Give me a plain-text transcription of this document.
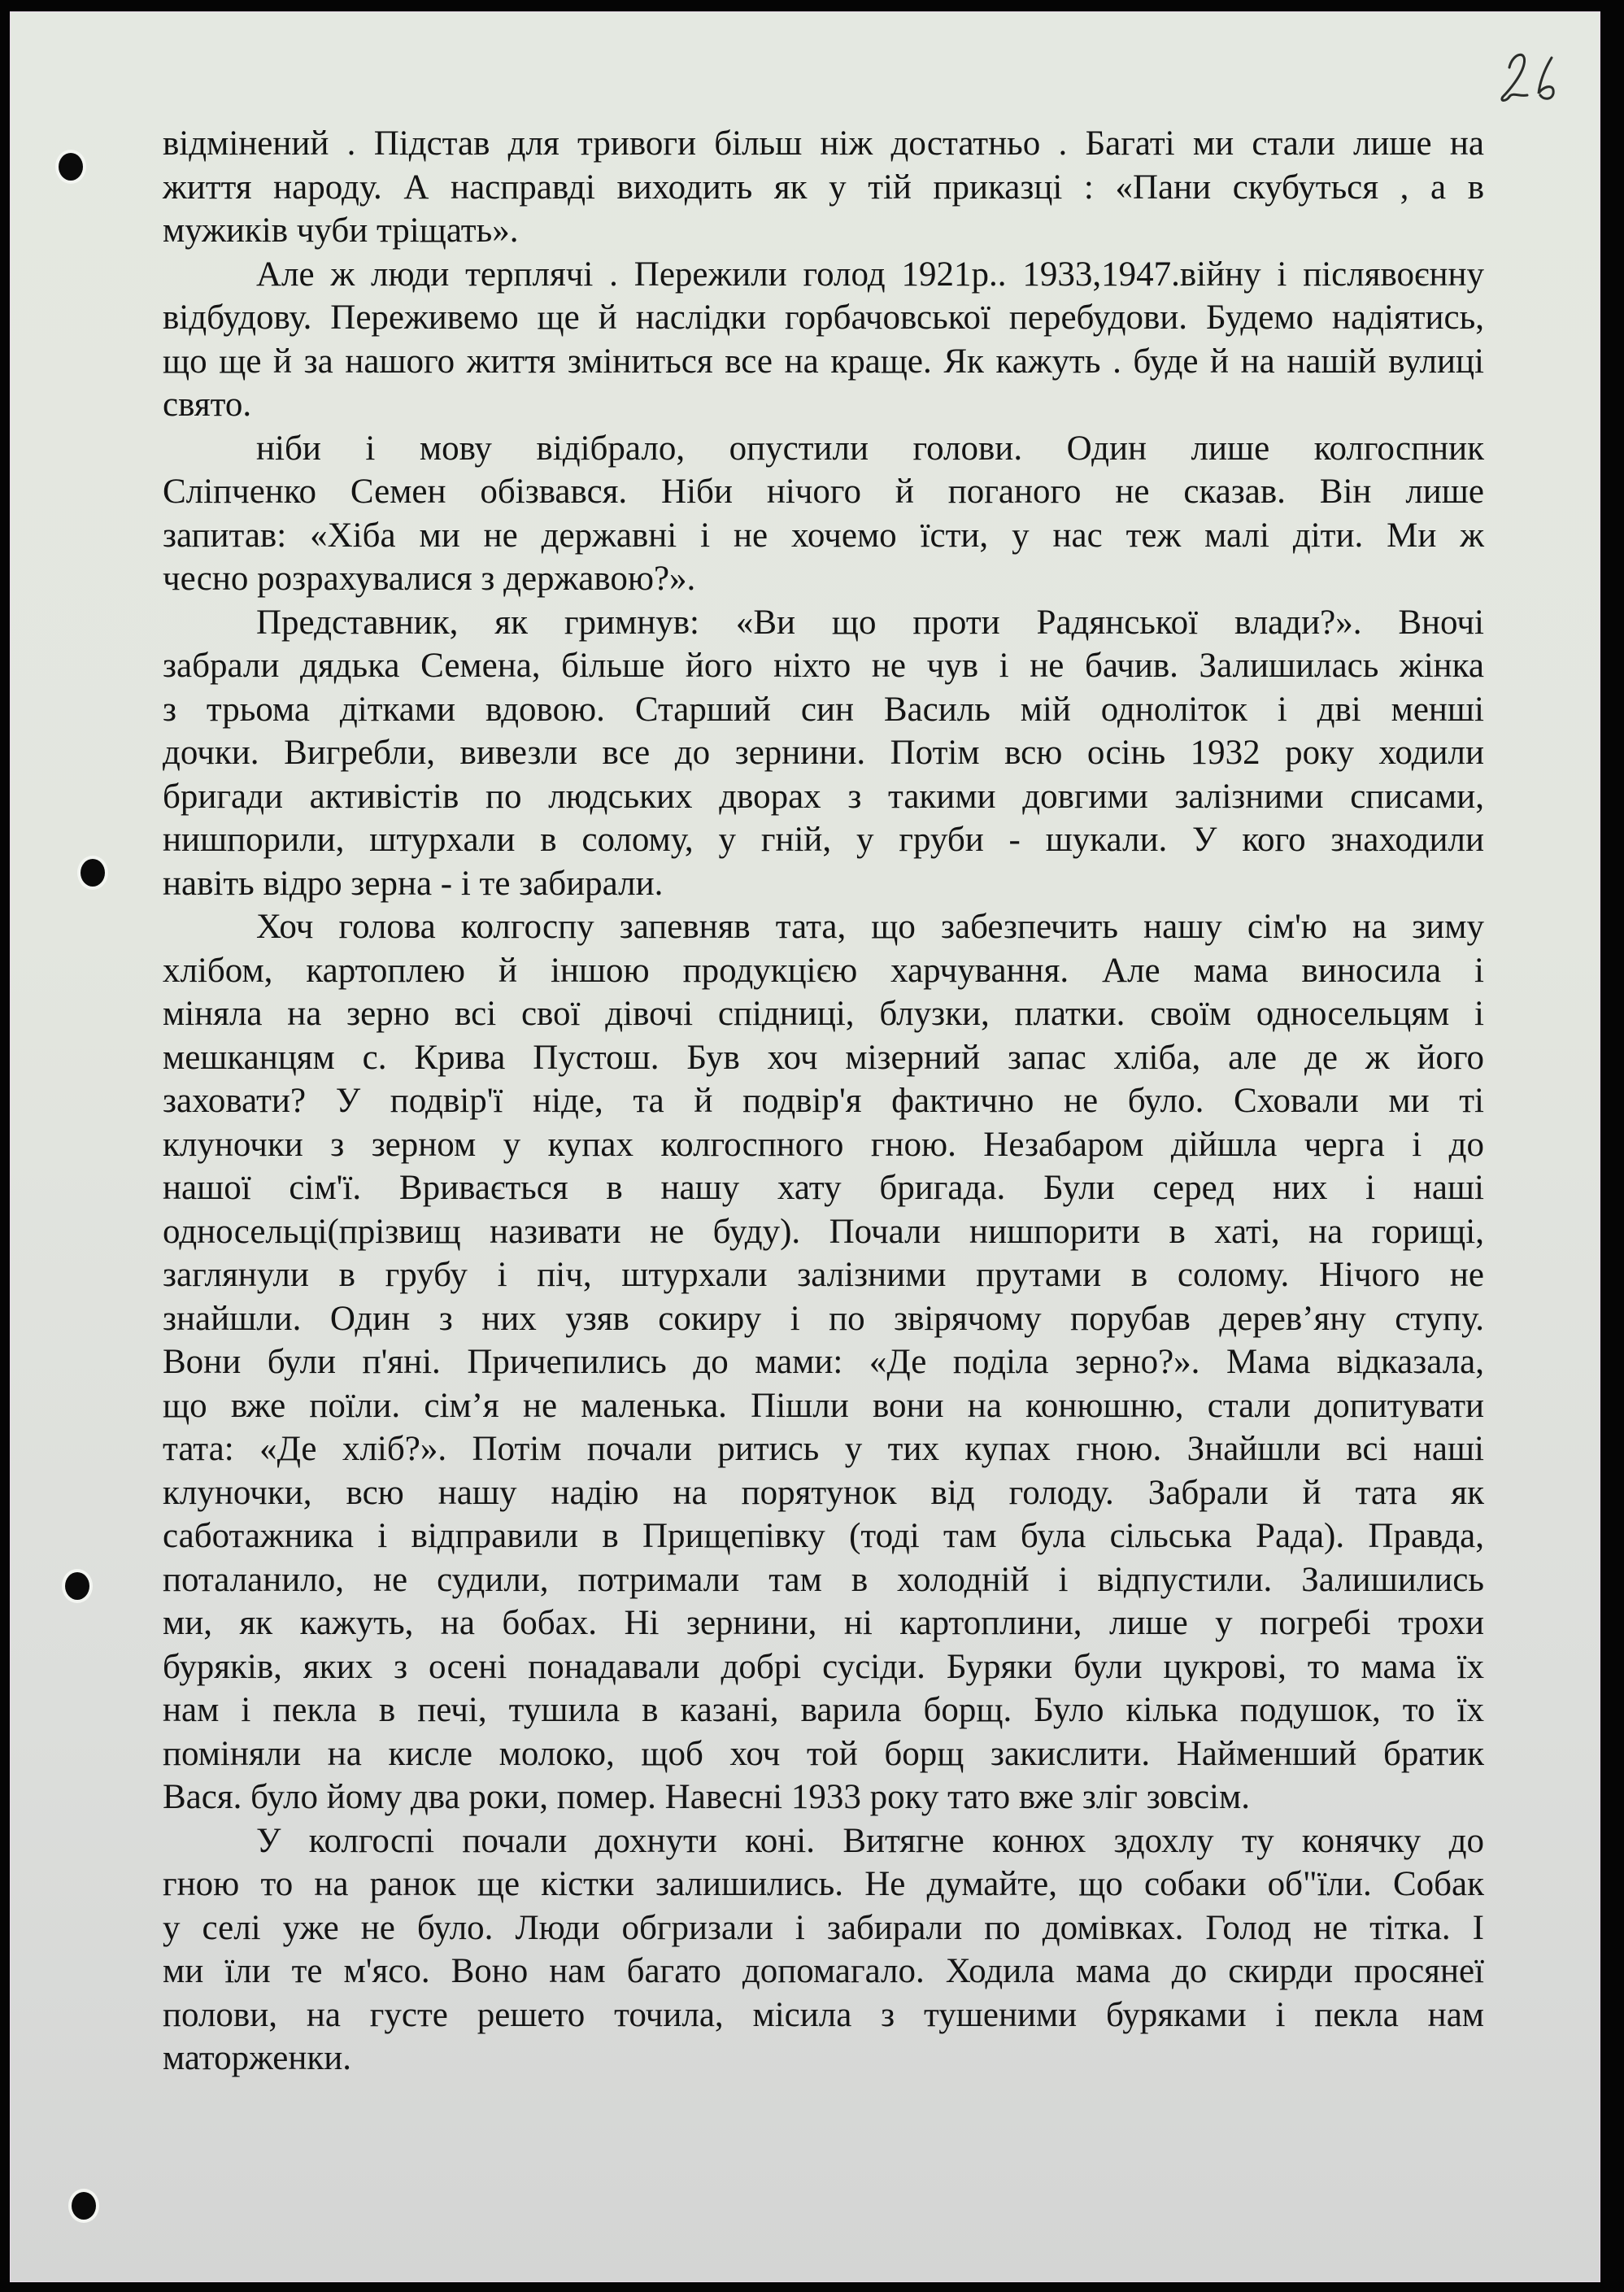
відмінений . Підстав для тривоги більш ніж достатньо . Багаті ми стали лише на
життя народу. А насправді виходить як у тій приказці : «Пани скубуться , а в
мужиків чуби тріщать».
Але ж люди терплячі . Пережили голод 1921р.. 1933,1947.війну і післявоєнну
відбудову. Переживемо ще й наслідки горбачовської перебудови. Будемо надіятись,
що ще й за нашого життя зміниться все на краще. Як кажуть . буде й на нашій вулиці
свято.
ніби і мову відібрало, опустили голови. Один лише колгоспник
Сліпченко Семен обізвався. Ніби нічого й поганого не сказав. Він лише
запитав: «Хіба ми не державні і не хочемо їсти, у нас теж малі діти. Ми ж
чесно розрахувалися з державою?».
Представник, як гримнув: «Ви що проти Радянської влади?». Вночі
забрали дядька Семена, більше його ніхто не чув і не бачив. Залишилась жінка
з трьома дітками вдовою. Старший син Василь мій одноліток і дві менші
дочки. Вигребли, вивезли все до зернини. Потім всю осінь 1932 року ходили
бригади активістів по людських дворах з такими довгими залізними списами,
нишпорили, штурхали в солому, у гній, у груби - шукали. У кого знаходили
навіть відро зерна - і те забирали.
Хоч голова колгоспу запевняв тата, що забезпечить нашу сім'ю на зиму
хлібом, картоплею й іншою продукцією харчування. Але мама виносила і
міняла на зерно всі свої дівочі спідниці, блузки, платки. своїм односельцям і
мешканцям с. Крива Пустош. Був хоч мізерний запас хліба, але де ж його
заховати? У подвір'ї ніде, та й подвір'я фактично не було. Сховали ми ті
клуночки з зерном у купах колгоспного гною. Незабаром дійшла черга і до
нашої сім'ї. Вривається в нашу хату бригада. Були серед них і наші
односельці(прізвищ називати не буду). Почали нишпорити в хаті, на горищі,
заглянули в грубу і піч, штурхали залізними прутами в солому. Нічого не
знайшли. Один з них узяв сокиру і по звірячому порубав дерев’яну ступу.
Вони були п'яні. Причепились до мами: «Де поділа зерно?». Мама відказала,
що вже поїли. сім’я не маленька. Пішли вони на конюшню, стали допитувати
тата: «Де хліб?». Потім почали ритись у тих купах гною. Знайшли всі наші
клуночки, всю нашу надію на порятунок від голоду. Забрали й тата як
саботажника і відправили в Прищепівку (тоді там була сільська Рада). Правда,
поталанило, не судили, потримали там в холодній і відпустили. Залишились
ми, як кажуть, на бобах. Ні зернини, ні картоплини, лише у погребі трохи
буряків, яких з осені понадавали добрі сусіди. Буряки були цукрові, то мама їх
нам і пекла в печі, тушила в казані, варила борщ. Було кілька подушок, то їх
поміняли на кисле молоко, щоб хоч той борщ закислити. Найменший братик
Вася. було йому два роки, помер. Навесні 1933 року тато вже зліг зовсім.
У колгоспі почали дохнути коні. Витягне конюх здохлу ту конячку до
гною то на ранок ще кістки залишились. Не думайте, що собаки об"їли. Собак
у селі уже не було. Люди обгризали і забирали по домівках. Голод не тітка. І
ми їли те м'ясо. Воно нам багато допомагало. Ходила мама до скирди просянеї
полови, на густе решето точила, місила з тушеними буряками і пекла нам
маторженки.
